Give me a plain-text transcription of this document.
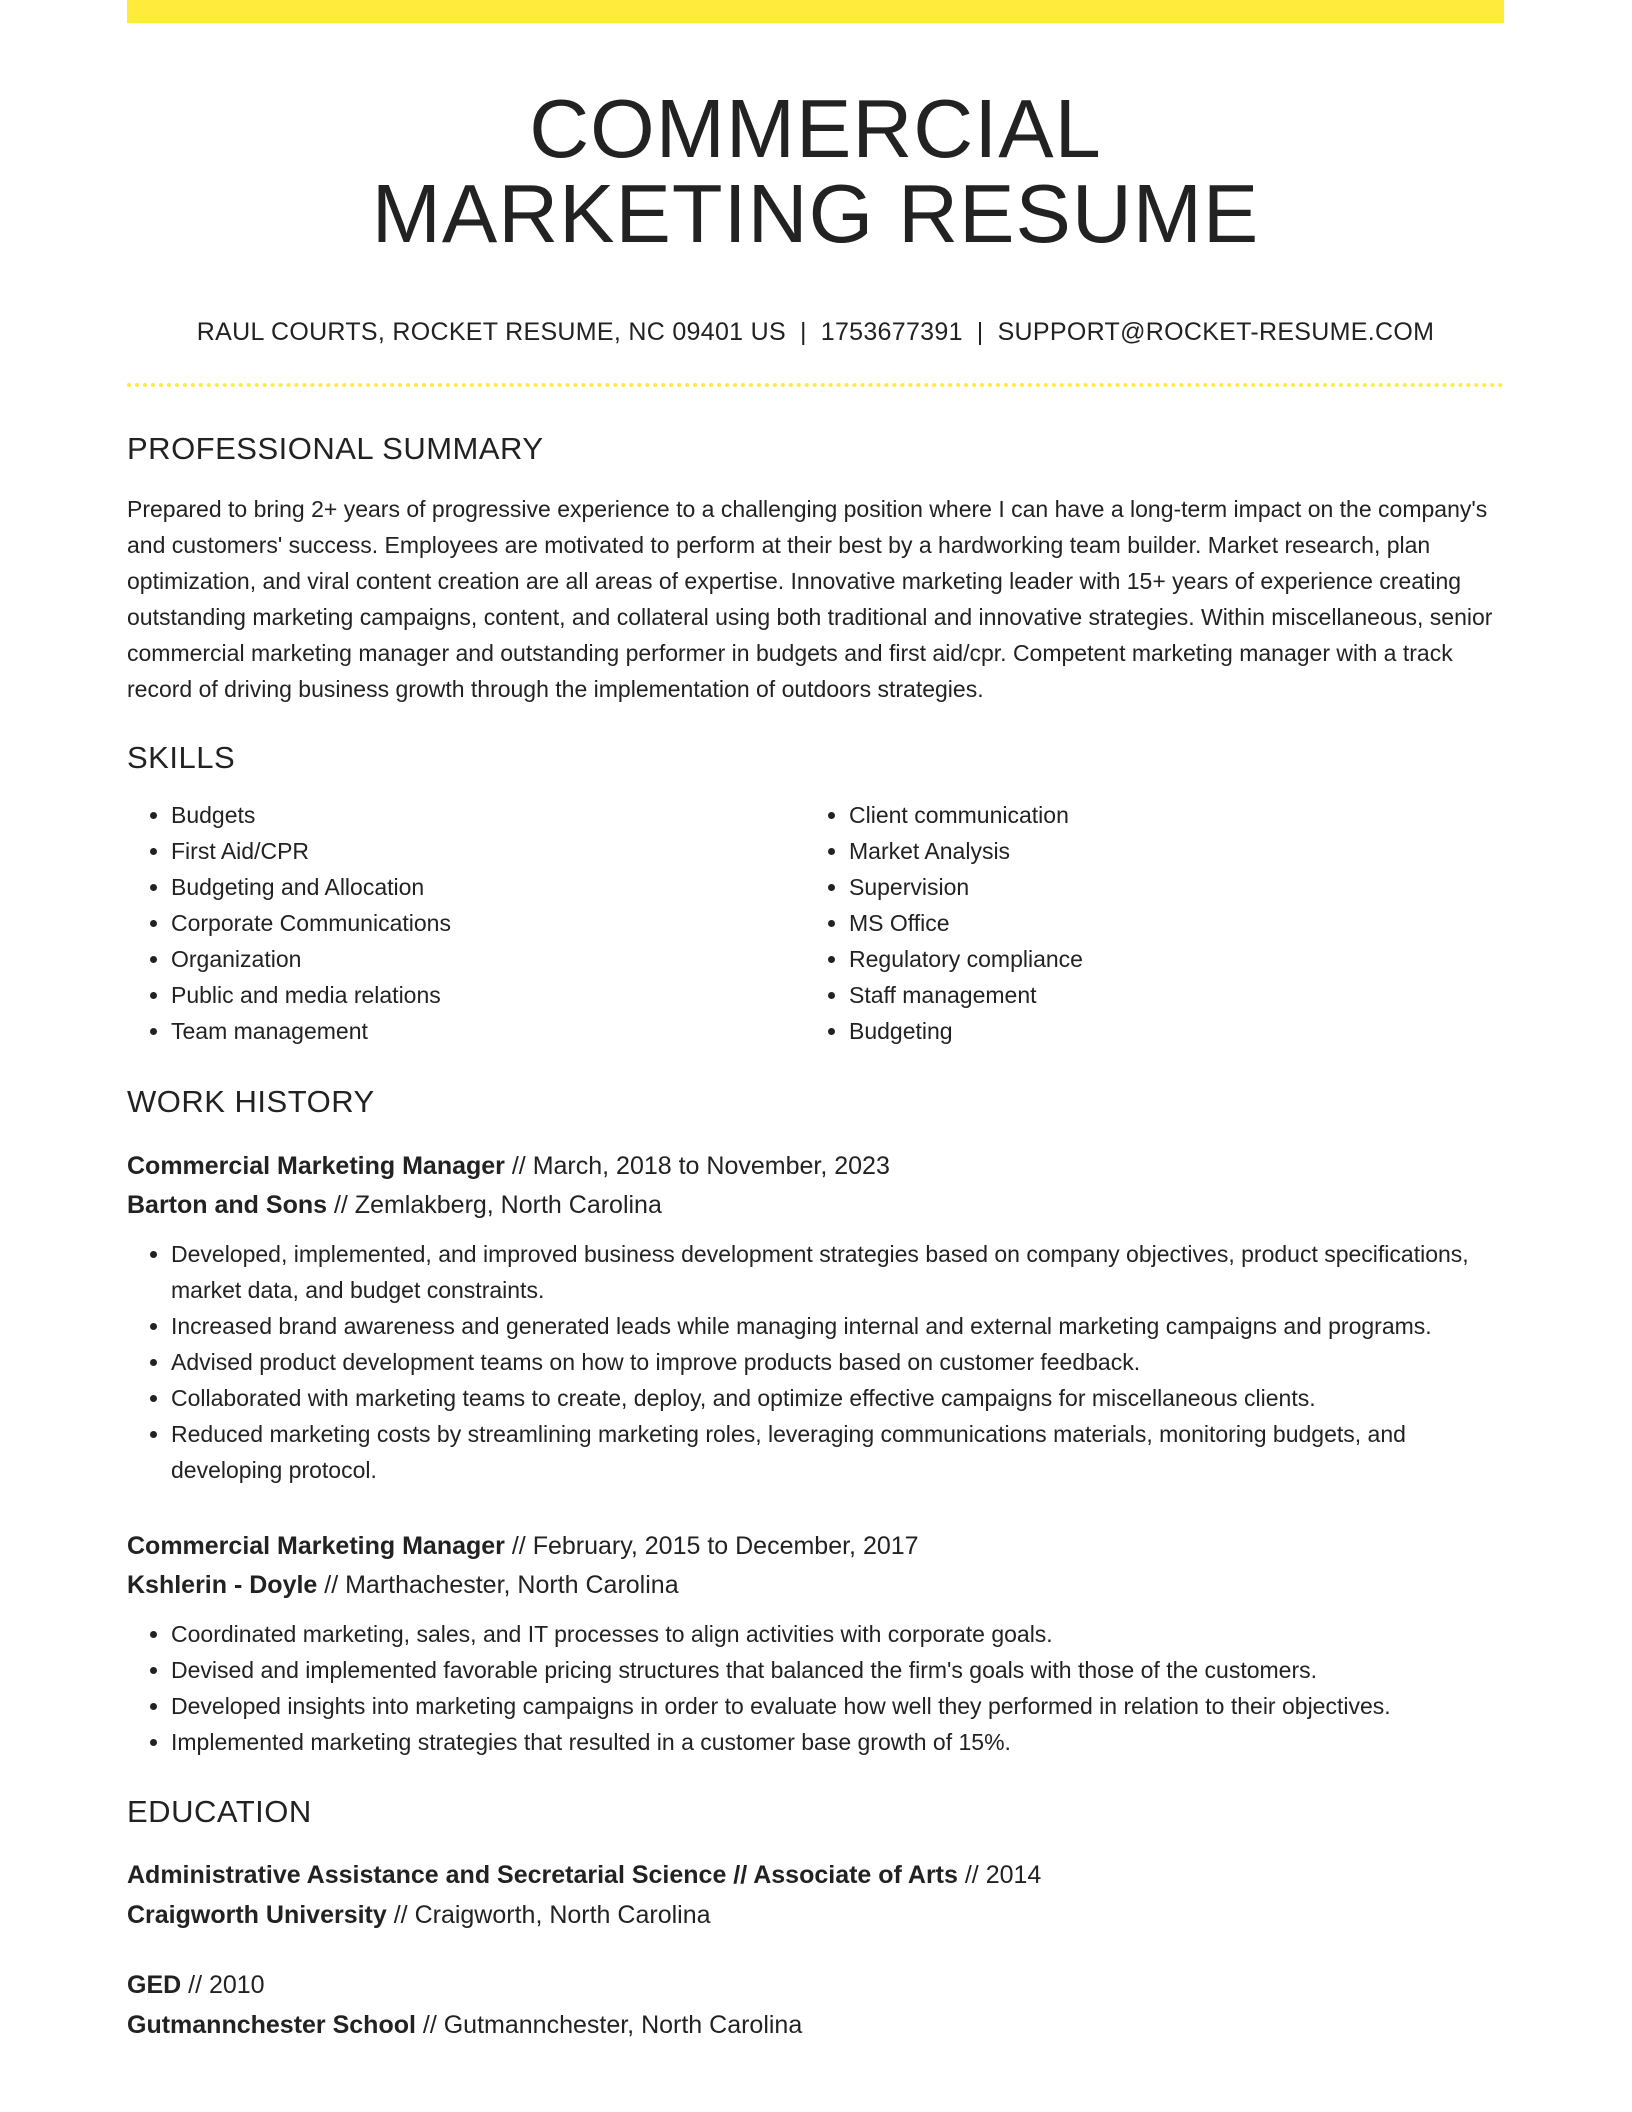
COMMERCIAL
MARKETING RESUME
RAUL COURTS, ROCKET RESUME, NC 09401 US | 1753677391 | SUPPORT@ROCKET-RESUME.COM
PROFESSIONAL SUMMARY
Prepared to bring 2+ years of progressive experience to a challenging position where I can have a long-term impact on the company's and customers' success. Employees are motivated to perform at their best by a hardworking team builder. Market research, plan optimization, and viral content creation are all areas of expertise. Innovative marketing leader with 15+ years of experience creating outstanding marketing campaigns, content, and collateral using both traditional and innovative strategies. Within miscellaneous, senior commercial marketing manager and outstanding performer in budgets and first aid/cpr. Competent marketing manager with a track record of driving business growth through the implementation of outdoors strategies.
SKILLS
• Budgets
• First Aid/CPR
• Budgeting and Allocation
• Corporate Communications
• Organization
• Public and media relations
• Team management
• Client communication
• Market Analysis
• Supervision
• MS Office
• Regulatory compliance
• Staff management
• Budgeting
WORK HISTORY
Commercial Marketing Manager // March, 2018 to November, 2023
Barton and Sons // Zemlakberg, North Carolina
• Developed, implemented, and improved business development strategies based on company objectives, product specifications, market data, and budget constraints.
• Increased brand awareness and generated leads while managing internal and external marketing campaigns and programs.
• Advised product development teams on how to improve products based on customer feedback.
• Collaborated with marketing teams to create, deploy, and optimize effective campaigns for miscellaneous clients.
• Reduced marketing costs by streamlining marketing roles, leveraging communications materials, monitoring budgets, and developing protocol.
Commercial Marketing Manager // February, 2015 to December, 2017
Kshlerin - Doyle // Marthachester, North Carolina
• Coordinated marketing, sales, and IT processes to align activities with corporate goals.
• Devised and implemented favorable pricing structures that balanced the firm's goals with those of the customers.
• Developed insights into marketing campaigns in order to evaluate how well they performed in relation to their objectives.
• Implemented marketing strategies that resulted in a customer base growth of 15%.
EDUCATION
Administrative Assistance and Secretarial Science // Associate of Arts // 2014
Craigworth University // Craigworth, North Carolina
GED // 2010
Gutmannchester School // Gutmannchester, North Carolina
